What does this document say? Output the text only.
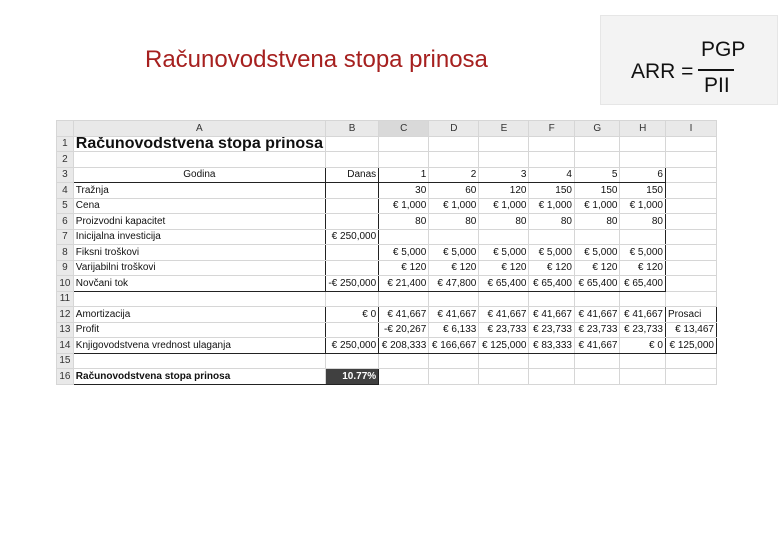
Računovodstvena stopa prinosa	ARR =
PGP
PII
	A	B	C	D	E	F	G	H	I
1	Računovodstvena stopa prinosa								
2									
3	Godina	Danas	1	2	3	4	5	6	
4	Tražnja		30	60	120	150	150	150	
5	Cena		€ 1,000	€ 1,000	€ 1,000	€ 1,000	€ 1,000	€ 1,000	
6	Proizvodni kapacitet		80	80	80	80	80	80	
7	Inicijalna investicija	€ 250,000							
8	Fiksni troškovi		€ 5,000	€ 5,000	€ 5,000	€ 5,000	€ 5,000	€ 5,000	
9	Varijabilni troškovi		€ 120	€ 120	€ 120	€ 120	€ 120	€ 120	
10	Novčani tok	-€ 250,000	€ 21,400	€ 47,800	€ 65,400	€ 65,400	€ 65,400	€ 65,400	
11									
12	Amortizacija	€ 0	€ 41,667	€ 41,667	€ 41,667	€ 41,667	€ 41,667	€ 41,667	Prosaci
13	Profit		-€ 20,267	€ 6,133	€ 23,733	€ 23,733	€ 23,733	€ 23,733	€ 13,467
14	Knjigovodstvena vrednost ulaganja	€ 250,000	€ 208,333	€ 166,667	€ 125,000	€ 83,333	€ 41,667	€ 0	€ 125,000
15									
16	Računovodstvena stopa prinosa	10.77%							
